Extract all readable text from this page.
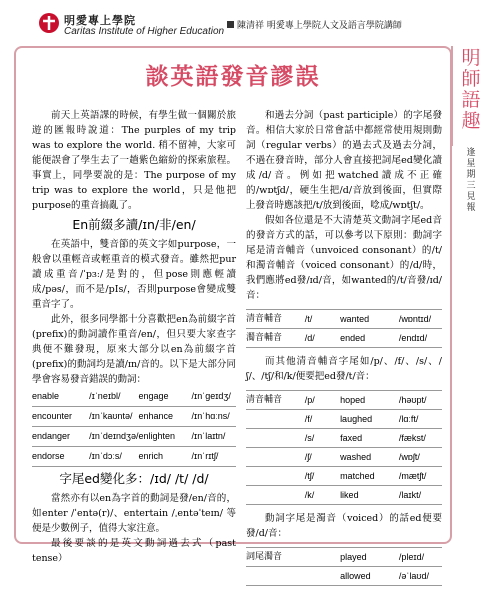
明愛專上學院
Caritas Institute of Higher Education	陳清祥 明愛專上學院人文及語言學院講師
談英語發音謬誤

前天上英語課的時候，有學生做一個關於旅遊的匯報時說道：The purples of my trip was to explore the world. 稍不留神，大家可能便誤會了學生去了一趟紫色縮紛的探索旅程。事實上，同學要說的是：The purpose of my trip was to explore the world，只是他把purpose的重音搞亂了。

En前綴多讀/ɪn/非/en/

在英語中，雙音節的英文字如purpose，一般會以重輕音或輕重音的模式發音。雖然把pur讀成重音/ˈpɜː/是對的，但pose則應輕讀成/pəs/，而不是/pIs/，否則purpose會變成雙重音字了。

此外，很多同學都十分喜歡把en為前綴字首(prefix)的動詞讀作重音/en/，但只要大家查字典便不難發現，原來大部分以en為前綴字首(prefix)的動詞均是讀/ɪn/音的。以下是大部分同學會容易發音錯誤的動詞：

enable	/ɪˈneɪbl/	engage	/ɪnˈgeɪdʒ/
encounter	/ɪnˈkaʊntə/	enhance	/ɪnˈhɑːns/
endanger	/ɪnˈdeɪndʒə/	enlighten	/ɪnˈlaɪtn/
endorse	/ɪnˈdɔːs/	enrich	/ɪnˈrɪtʃ/
字尾ed變化多：/ɪd/ /t/ /d/

當然亦有以en為字首的動詞是發/en/音的，如enter /ˈentə(r)/、entertain /ˌentəˈteɪn/ 等便是少數例子，值得大家注意。

最後要談的是英文動詞過去式（past tense）

和過去分詞（past participle）的字尾發音。相信大家於日常會話中都經常使用規則動詞（regular verbs）的過去式及過去分詞，不過在發音時，部分人會直接把詞尾ed變化讀成/d/音。例如把watched讀成不正確的/wɒtʃd/，硬生生把/d/音放到後面，但實際上發音時應該把/t/放到後面，唸成/wɒtʃt/。

假如各位還是不大清楚英文動詞字尾ed音的發音方式的話，可以參考以下原則：動詞字尾是清音輔音（unvoiced consonant）的/t/和濁音輔音（voiced consonant）的/d/時，我們應將ed發/ɪd/音，如wanted的/t/音發/ɪd/音：

清音輔音	/t/	wanted	/wɒntɪd/
濁音輔音	/d/	ended	/endɪd/

而其他清音輔音字尾如/p/、/f/、/s/、/ʃ/、/tʃ/和/k/便要把ed發/t/音：

清音輔音	/p/	hoped	/həʊpt/
	/f/	laughed	/lɑːft/
	/s/	faxed	/fækst/
	/ʃ/	washed	/wɒʃt/
	/tʃ/	matched	/mætʃt/
	/k/	liked	/laɪkt/

動詞字尾是濁音（voiced）的話ed便要發/d/音：

詞尾濁音		played	/pleɪd/
		allowed	/əˈlaʊd/
明師語趣
逢星期三見報
